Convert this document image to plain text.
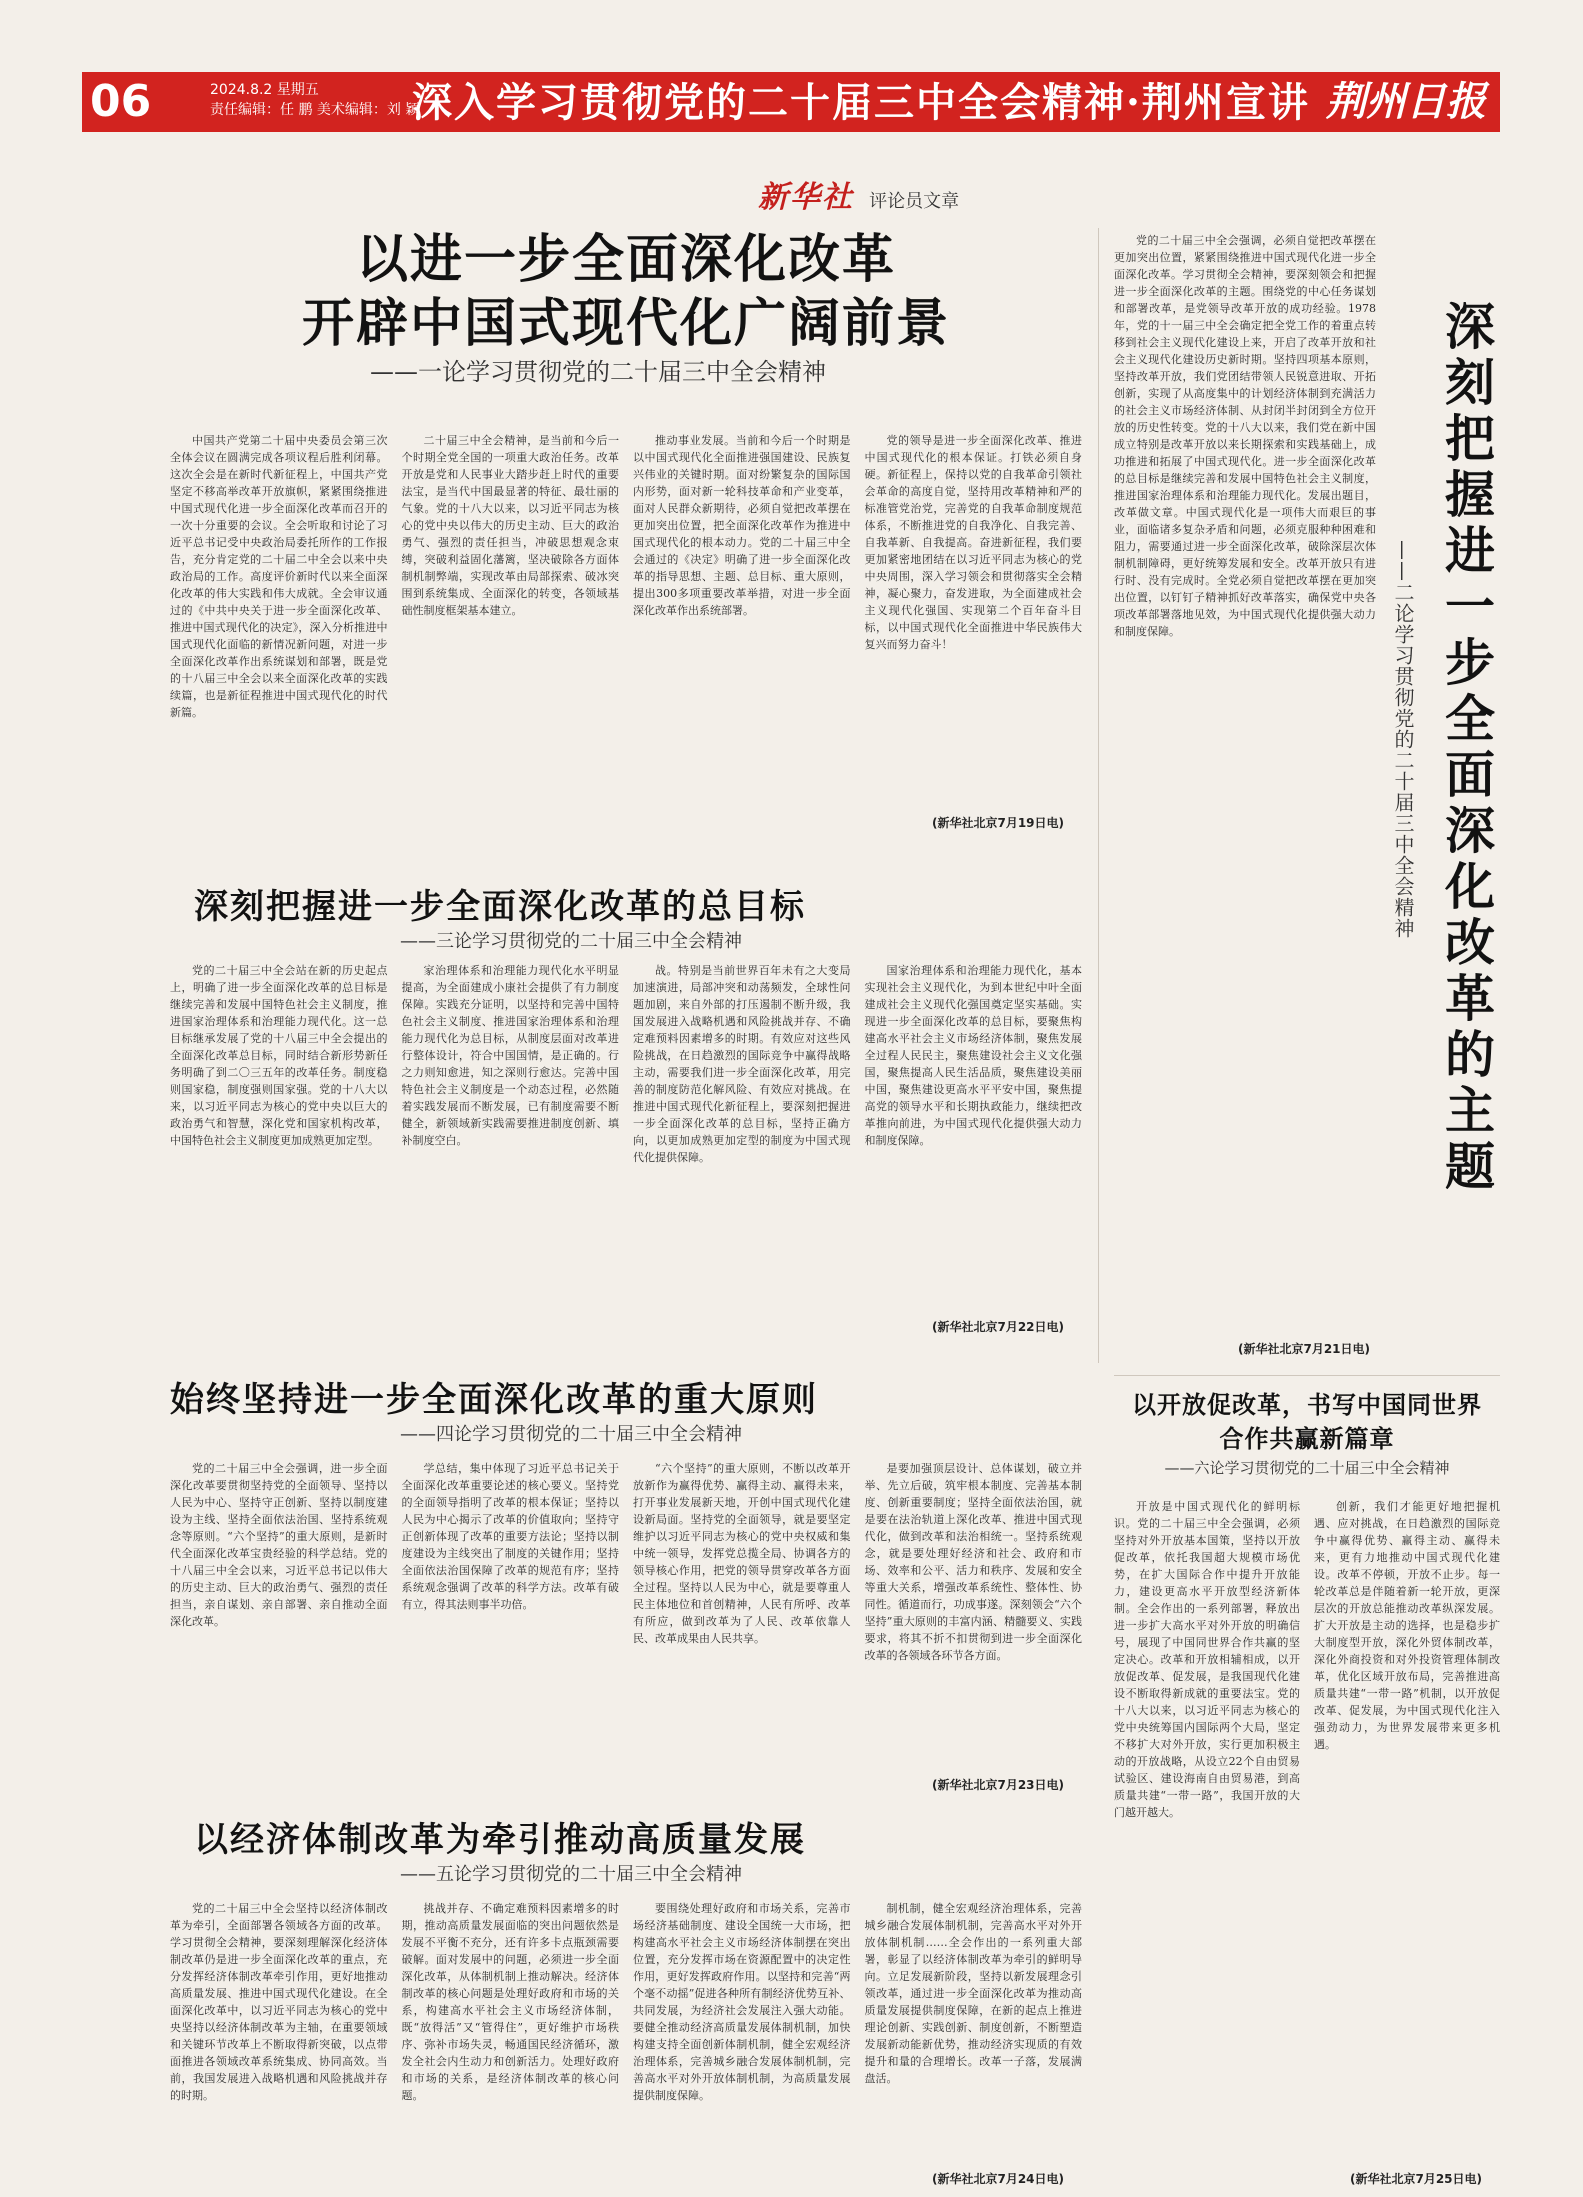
06	2024.8.2 星期五
责任编辑：任 鹏 美术编辑：刘 颖
深入学习贯彻党的二十届三中全会精神·荆州宣讲 荆州日报
新华社 评论员文章
以进一步全面深化改革
开辟中国式现代化广阔前景
——一论学习贯彻党的二十届三中全会精神
中国共产党第二十届中央委员会第三次全体会议在圆满完成各项议程后胜利闭幕。这次全会是在新时代新征程上，中国共产党坚定不移高举改革开放旗帜，紧紧围绕推进中国式现代化进一步全面深化改革而召开的一次十分重要的会议。全会听取和讨论了习近平总书记受中央政治局委托所作的工作报告，充分肯定党的二十届二中全会以来中央政治局的工作。高度评价新时代以来全面深化改革的伟大实践和伟大成就。全会审议通过的《中共中央关于进一步全面深化改革、推进中国式现代化的决定》，深入分析推进中国式现代化面临的新情况新问题，对进一步全面深化改革作出系统谋划和部署，既是党的十八届三中全会以来全面深化改革的实践续篇，也是新征程推进中国式现代化的时代新篇。
二十届三中全会精神，是当前和今后一个时期全党全国的一项重大政治任务。改革开放是党和人民事业大踏步赶上时代的重要法宝，是当代中国最显著的特征、最壮丽的气象。党的十八大以来，以习近平同志为核心的党中央以伟大的历史主动、巨大的政治勇气、强烈的责任担当，冲破思想观念束缚，突破利益固化藩篱，坚决破除各方面体制机制弊端，实现改革由局部探索、破冰突围到系统集成、全面深化的转变，各领域基础性制度框架基本建立。
推动事业发展。当前和今后一个时期是以中国式现代化全面推进强国建设、民族复兴伟业的关键时期。面对纷繁复杂的国际国内形势，面对新一轮科技革命和产业变革，面对人民群众新期待，必须自觉把改革摆在更加突出位置，把全面深化改革作为推进中国式现代化的根本动力。党的二十届三中全会通过的《决定》明确了进一步全面深化改革的指导思想、主题、总目标、重大原则，提出300多项重要改革举措，对进一步全面深化改革作出系统部署。
党的领导是进一步全面深化改革、推进中国式现代化的根本保证。打铁必须自身硬。新征程上，保持以党的自我革命引领社会革命的高度自觉，坚持用改革精神和严的标准管党治党，完善党的自我革命制度规范体系，不断推进党的自我净化、自我完善、自我革新、自我提高。奋进新征程，我们要更加紧密地团结在以习近平同志为核心的党中央周围，深入学习领会和贯彻落实全会精神，凝心聚力，奋发进取，为全面建成社会主义现代化强国、实现第二个百年奋斗目标，以中国式现代化全面推进中华民族伟大复兴而努力奋斗！
(新华社北京7月19日电)
党的二十届三中全会强调，必须自觉把改革摆在更加突出位置，紧紧围绕推进中国式现代化进一步全面深化改革。学习贯彻全会精神，要深刻领会和把握进一步全面深化改革的主题。围绕党的中心任务谋划和部署改革，是党领导改革开放的成功经验。1978年，党的十一届三中全会确定把全党工作的着重点转移到社会主义现代化建设上来，开启了改革开放和社会主义现代化建设历史新时期。坚持四项基本原则，坚持改革开放，我们党团结带领人民锐意进取、开拓创新，实现了从高度集中的计划经济体制到充满活力的社会主义市场经济体制、从封闭半封闭到全方位开放的历史性转变。党的十八大以来，我们党在新中国成立特别是改革开放以来长期探索和实践基础上，成功推进和拓展了中国式现代化。进一步全面深化改革的总目标是继续完善和发展中国特色社会主义制度，推进国家治理体系和治理能力现代化。发展出题目，改革做文章。中国式现代化是一项伟大而艰巨的事业，面临诸多复杂矛盾和问题，必须克服种种困难和阻力，需要通过进一步全面深化改革，破除深层次体制机制障碍，更好统筹发展和安全。改革开放只有进行时、没有完成时。全党必须自觉把改革摆在更加突出位置，以钉钉子精神抓好改革落实，确保党中央各项改革部署落地见效，为中国式现代化提供强大动力和制度保障。
(新华社北京7月21日电)
深刻把握进一步全面深化改革的主题
——二论学习贯彻党的二十届三中全会精神
深刻把握进一步全面深化改革的总目标
——三论学习贯彻党的二十届三中全会精神
党的二十届三中全会站在新的历史起点上，明确了进一步全面深化改革的总目标是继续完善和发展中国特色社会主义制度，推进国家治理体系和治理能力现代化。这一总目标继承发展了党的十八届三中全会提出的全面深化改革总目标，同时结合新形势新任务明确了到二〇三五年的改革任务。制度稳则国家稳，制度强则国家强。党的十八大以来，以习近平同志为核心的党中央以巨大的政治勇气和智慧，深化党和国家机构改革，中国特色社会主义制度更加成熟更加定型。
家治理体系和治理能力现代化水平明显提高，为全面建成小康社会提供了有力制度保障。实践充分证明，以坚持和完善中国特色社会主义制度、推进国家治理体系和治理能力现代化为总目标，从制度层面对改革进行整体设计，符合中国国情，是正确的。行之力则知愈进，知之深则行愈达。完善中国特色社会主义制度是一个动态过程，必然随着实践发展而不断发展，已有制度需要不断健全，新领域新实践需要推进制度创新、填补制度空白。
战。特别是当前世界百年未有之大变局加速演进，局部冲突和动荡频发，全球性问题加剧，来自外部的打压遏制不断升级，我国发展进入战略机遇和风险挑战并存、不确定难预料因素增多的时期。有效应对这些风险挑战，在日趋激烈的国际竞争中赢得战略主动，需要我们进一步全面深化改革，用完善的制度防范化解风险、有效应对挑战。在推进中国式现代化新征程上，要深刻把握进一步全面深化改革的总目标，坚持正确方向，以更加成熟更加定型的制度为中国式现代化提供保障。
国家治理体系和治理能力现代化，基本实现社会主义现代化，为到本世纪中叶全面建成社会主义现代化强国奠定坚实基础。实现进一步全面深化改革的总目标，要聚焦构建高水平社会主义市场经济体制，聚焦发展全过程人民民主，聚焦建设社会主义文化强国，聚焦提高人民生活品质，聚焦建设美丽中国，聚焦建设更高水平平安中国，聚焦提高党的领导水平和长期执政能力，继续把改革推向前进，为中国式现代化提供强大动力和制度保障。
(新华社北京7月22日电)
始终坚持进一步全面深化改革的重大原则
——四论学习贯彻党的二十届三中全会精神
党的二十届三中全会强调，进一步全面深化改革要贯彻坚持党的全面领导、坚持以人民为中心、坚持守正创新、坚持以制度建设为主线、坚持全面依法治国、坚持系统观念等原则。“六个坚持”的重大原则，是新时代全面深化改革宝贵经验的科学总结。党的十八届三中全会以来，习近平总书记以伟大的历史主动、巨大的政治勇气、强烈的责任担当，亲自谋划、亲自部署、亲自推动全面深化改革。
学总结，集中体现了习近平总书记关于全面深化改革重要论述的核心要义。坚持党的全面领导指明了改革的根本保证；坚持以人民为中心揭示了改革的价值取向；坚持守正创新体现了改革的重要方法论；坚持以制度建设为主线突出了制度的关键作用；坚持全面依法治国保障了改革的规范有序；坚持系统观念强调了改革的科学方法。改革有破有立，得其法则事半功倍。
“六个坚持”的重大原则，不断以改革开放新作为赢得优势、赢得主动、赢得未来，打开事业发展新天地，开创中国式现代化建设新局面。坚持党的全面领导，就是要坚定维护以习近平同志为核心的党中央权威和集中统一领导，发挥党总揽全局、协调各方的领导核心作用，把党的领导贯穿改革各方面全过程。坚持以人民为中心，就是要尊重人民主体地位和首创精神，人民有所呼、改革有所应，做到改革为了人民、改革依靠人民、改革成果由人民共享。
是要加强顶层设计、总体谋划，破立并举、先立后破，筑牢根本制度、完善基本制度、创新重要制度；坚持全面依法治国，就是要在法治轨道上深化改革、推进中国式现代化，做到改革和法治相统一。坚持系统观念，就是要处理好经济和社会、政府和市场、效率和公平、活力和秩序、发展和安全等重大关系，增强改革系统性、整体性、协同性。循道而行，功成事遂。深刻领会“六个坚持”重大原则的丰富内涵、精髓要义、实践要求，将其不折不扣贯彻到进一步全面深化改革的各领域各环节各方面。
(新华社北京7月23日电)
以经济体制改革为牵引推动高质量发展
——五论学习贯彻党的二十届三中全会精神
党的二十届三中全会坚持以经济体制改革为牵引，全面部署各领域各方面的改革。学习贯彻全会精神，要深刻理解深化经济体制改革仍是进一步全面深化改革的重点，充分发挥经济体制改革牵引作用，更好地推动高质量发展、推进中国式现代化建设。在全面深化改革中，以习近平同志为核心的党中央坚持以经济体制改革为主轴，在重要领域和关键环节改革上不断取得新突破，以点带面推进各领域改革系统集成、协同高效。当前，我国发展进入战略机遇和风险挑战并存的时期。
挑战并存、不确定难预料因素增多的时期，推动高质量发展面临的突出问题依然是发展不平衡不充分，还有许多卡点瓶颈需要破解。面对发展中的问题，必须进一步全面深化改革，从体制机制上推动解决。经济体制改革的核心问题是处理好政府和市场的关系，构建高水平社会主义市场经济体制，既“放得活”又“管得住”，更好维护市场秩序、弥补市场失灵，畅通国民经济循环，激发全社会内生动力和创新活力。处理好政府和市场的关系，是经济体制改革的核心问题。
要围绕处理好政府和市场关系，完善市场经济基础制度、建设全国统一大市场，把构建高水平社会主义市场经济体制摆在突出位置，充分发挥市场在资源配置中的决定性作用，更好发挥政府作用。以坚持和完善“两个毫不动摇”促进各种所有制经济优势互补、共同发展，为经济社会发展注入强大动能。要健全推动经济高质量发展体制机制，加快构建支持全面创新体制机制，健全宏观经济治理体系，完善城乡融合发展体制机制，完善高水平对外开放体制机制，为高质量发展提供制度保障。
制机制，健全宏观经济治理体系，完善城乡融合发展体制机制，完善高水平对外开放体制机制……全会作出的一系列重大部署，彰显了以经济体制改革为牵引的鲜明导向。立足发展新阶段，坚持以新发展理念引领改革，通过进一步全面深化改革为推动高质量发展提供制度保障，在新的起点上推进理论创新、实践创新、制度创新，不断塑造发展新动能新优势，推动经济实现质的有效提升和量的合理增长。改革一子落，发展满盘活。
(新华社北京7月24日电)
以开放促改革，书写中国同世界
合作共赢新篇章
——六论学习贯彻党的二十届三中全会精神
开放是中国式现代化的鲜明标识。党的二十届三中全会强调，必须坚持对外开放基本国策，坚持以开放促改革，依托我国超大规模市场优势，在扩大国际合作中提升开放能力，建设更高水平开放型经济新体制。全会作出的一系列部署，释放出进一步扩大高水平对外开放的明确信号，展现了中国同世界合作共赢的坚定决心。改革和开放相辅相成，以开放促改革、促发展，是我国现代化建设不断取得新成就的重要法宝。党的十八大以来，以习近平同志为核心的党中央统筹国内国际两个大局，坚定不移扩大对外开放，实行更加积极主动的开放战略，从设立22个自由贸易试验区、建设海南自由贸易港，到高质量共建“一带一路”，我国开放的大门越开越大。
创新，我们才能更好地把握机遇、应对挑战，在日趋激烈的国际竞争中赢得优势、赢得主动、赢得未来，更有力地推动中国式现代化建设。改革不停顿，开放不止步。每一轮改革总是伴随着新一轮开放，更深层次的开放总能推动改革纵深发展。扩大开放是主动的选择，也是稳步扩大制度型开放，深化外贸体制改革，深化外商投资和对外投资管理体制改革，优化区域开放布局，完善推进高质量共建“一带一路”机制，以开放促改革、促发展，为中国式现代化注入强劲动力，为世界发展带来更多机遇。
(新华社北京7月25日电)
